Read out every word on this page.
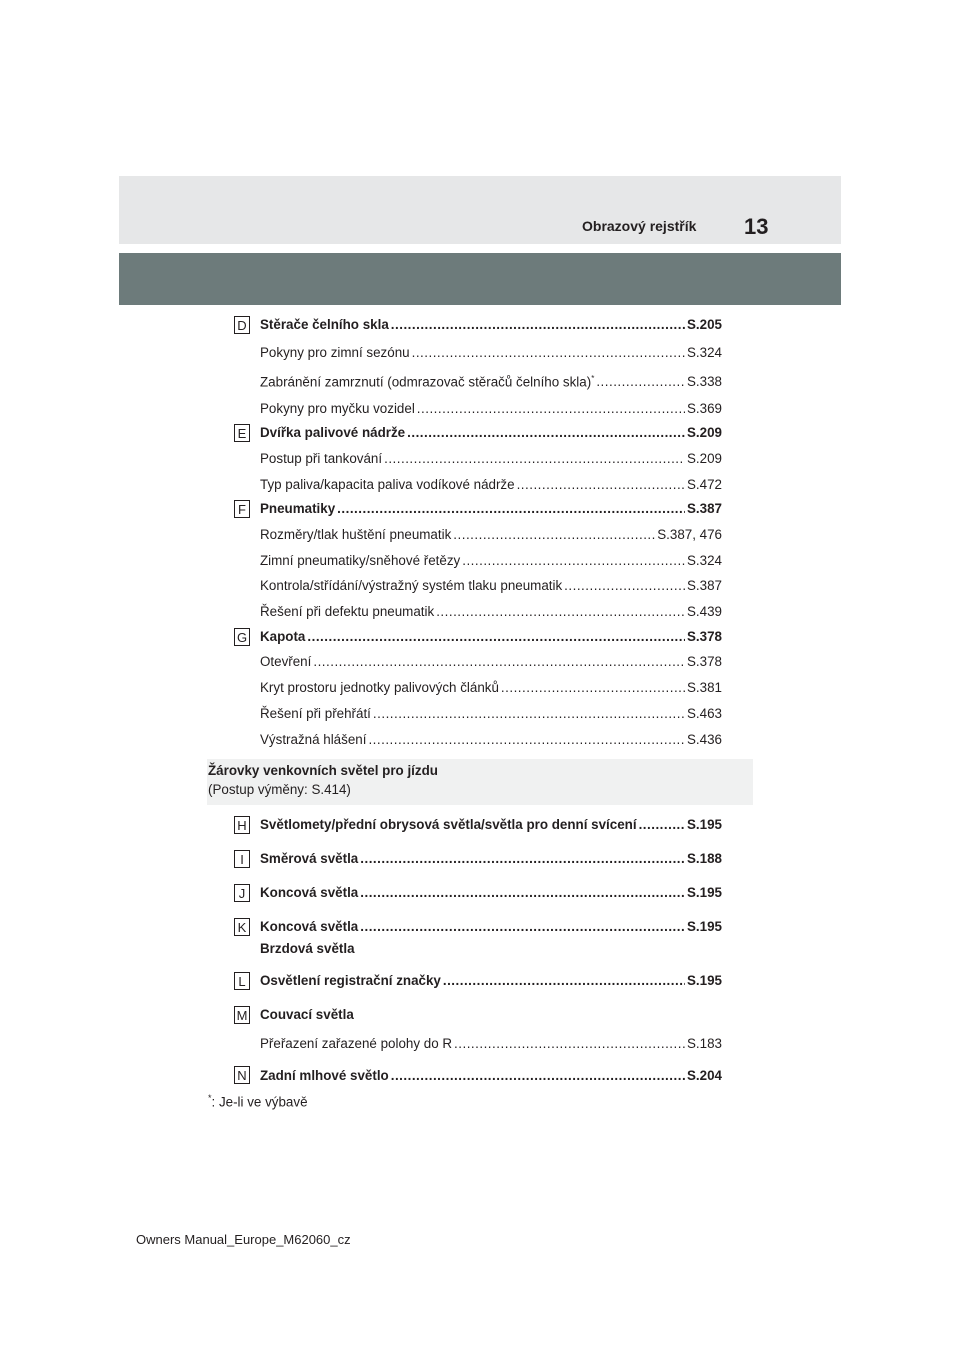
Obrazový rejstřík 13
D Stěrače čelního skla .....	S.205
Pokyny pro zimní sezónu .....	S.324
Zabránění zamrznutí (odmrazovač stěračů čelního skla)* .....	S.338
Pokyny pro myčku vozidel .....	S.369
E Dvířka palivové nádrže .....	S.209
Postup při tankování .....	S.209
Typ paliva/kapacita paliva vodíkové nádrže .....	S.472
F	Pneumatiky .....	S.387
Rozměry/tlak huštění pneumatik .....	S.387, 476
Zimní pneumatiky/sněhové řetězy .....	S.324
Kontrola/střídání/výstražný systém tlaku pneumatik .....	S.387
Řešení při defektu pneumatik .....	S.439
G Kapota .....	S.378
Otevření .....	S.378
Kryt prostoru jednotky palivových článků .....	S.381
Řešení při přehřátí .....	S.463
Výstražná hlášení .....	S.436
Žárovky venkovních světel pro jízdu
(Postup výměny: S.414)
H Světlomety/přední obrysová světla/světla pro denní svícení .....	S.195
I	Směrová světla .....	S.188
J	Koncová světla .....	S.195
K Koncová světla .....	S.195
Brzdová světla
L	Osvětlení registrační značky .....	S.195
M Couvací světla
Přeřazení zařazené polohy do R .....	S.183
N Zadní mlhové světlo .....	S.204
*: Je-li ve výbavě
Owners Manual_Europe_M62060_cz
